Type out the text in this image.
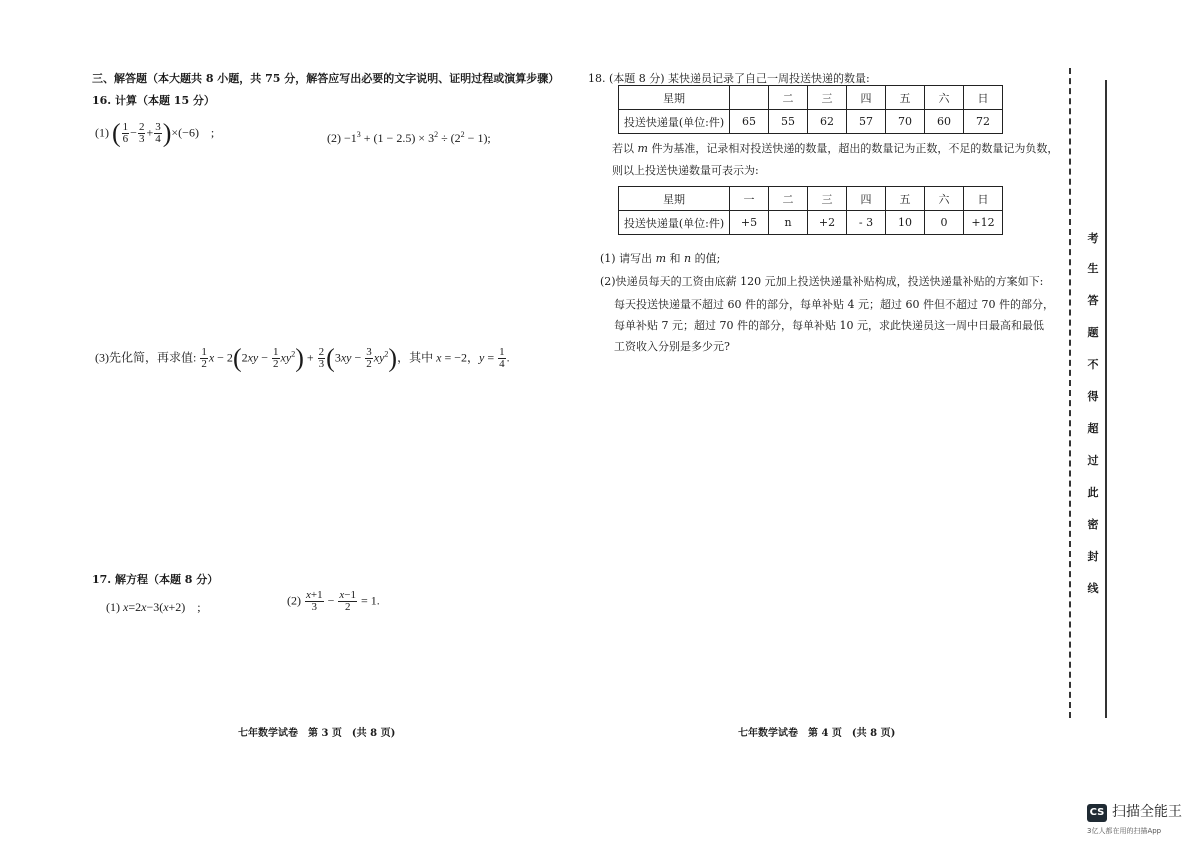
三、解答题（本大题共 8 小题，共 75 分，解答应写出必要的文字说明、证明过程或演算步骤）
16. 计算（本题 15 分）
(1) ( $\frac{1}{6} - \frac{2}{3} + \frac{3}{4} )\times(-6)$　;	$(2) -1^3 + (1 - 2.5) \times 3^2 \div (2^2 - 1)$;
(3)先化简，再求值: $\frac{1}{2}$ $x - 2(2xy - \frac{1}{2} xy^2) + \frac{2}{3} (3xy - \frac{3}{2} xy^2)$，其中 x = −2，$y = \frac{1}{4}$ .
17. 解方程（本题 8 分）
(1) x=2x−3(x+2)　;	$(2) \frac{x+1}{3} - \frac{x-1}{2} = 1$.
七年数学试卷　第 3 页　(共 8 页)
18. (本题 8 分) 某快递员记录了自己一周投送快递的数量:
星期		二	三	四	五	六	日
投送快递量(单位:件)	65	55	62	57	70	60	72
若以 m 件为基准，记录相对投送快递的数量，超出的数量记为正数，不足的数量记为负数，
则以上投送快递数量可表示为:
星期	一	二	三	四	五	六	日
投送快递量(单位:件)	+5	n	+2	- 3	10	0	+12
(1) 请写出 m 和 n 的值;
(2)快递员每天的工资由底薪 120 元加上投送快递量补贴构成，投送快递量补贴的方案如下:
每天投送快递量不超过 60 件的部分，每单补贴 4 元；超过 60 件但不超过 70 件的部分，
每单补贴 7 元；超过 70 件的部分，每单补贴 10 元，求此快递员这一周中日最高和最低
工资收入分别是多少元?
七年数学试卷　第 4 页　(共 8 页)
考
生
答
题
不
得
超
过
此
密
封
线
CS 扫描全能王
3亿人都在用的扫描App
